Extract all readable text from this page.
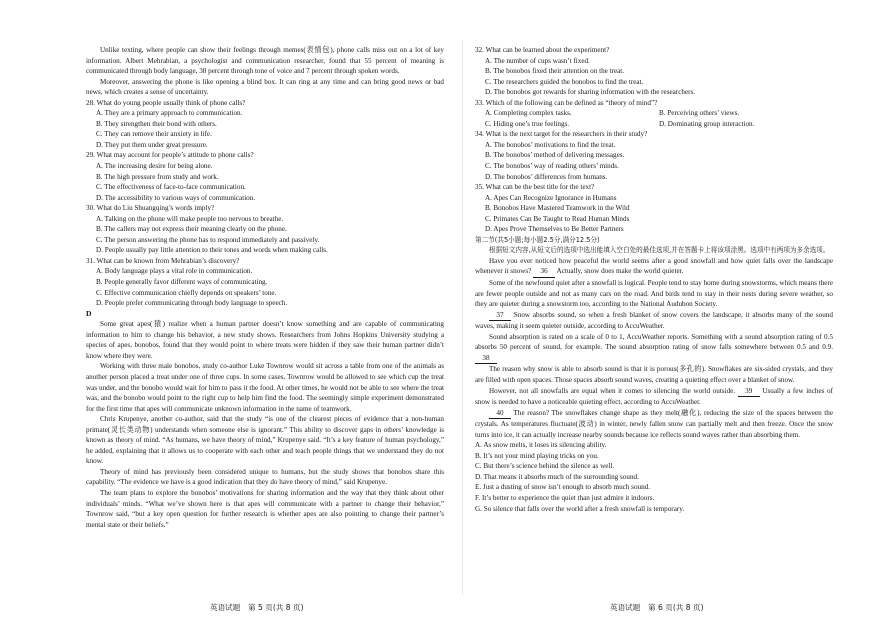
Unlike texting, where people can show their feelings through memes(表情包), phone calls miss out on a lot of key information. Albert Mehrabian, a psychologist and communication researcher, found that 55 percent of meaning is communicated through body language, 38 percent through tone of voice and 7 percent through spoken words.

Moreover, answering the phone is like opening a blind box. It can ring at any time and can bring good news or bad news, which creates a sense of uncertainty.

28. What do young people usually think of phone calls?

A. They are a primary approach to communication.

B. They strengthen their bond with others.

C. They can remove their anxiety in life.

D. They put them under great pressure.

29. What may account for people’s attitude to phone calls?

A. The increasing desire for being alone.

B. The high pressure from study and work.

C. The effectiveness of face-to-face communication.

D. The accessibility to various ways of communication.

30. What do Liu Shuangqing’s words imply?

A. Talking on the phone will make people too nervous to breathe.

B. The callers may not express their meaning clearly on the phone.

C. The person answering the phone has to respond immediately and passively.

D. People usually pay little attention to their tones and words when making calls.

31. What can be known from Mehrabian’s discovery?

A. Body language plays a vital role in communication.

B. People generally favor different ways of communicating.

C. Effective communication chiefly depends on speakers’ tone.

D. People prefer communicating through body language to speech.

D

Some great apes(猿) realize when a human partner doesn’t know something and are capable of communicating information to him to change his behavior, a new study shows. Researchers from Johns Hopkins University studying a species of apes, bonobos, found that they would point to where treats were hidden if they saw their human partner didn’t know where they were.

Working with three male bonobos, study co-author Luke Townrow would sit across a table from one of the animals as another person placed a treat under one of three cups. In some cases, Townrow would be allowed to see which cup the treat was under, and the bonobo would wait for him to pass it the food. At other times, he would not be able to see where the treat was, and the bonobo would point to the right cup to help him find the food. The seemingly simple experiment demonstrated for the first time that apes will communicate unknown information in the name of teamwork.

Chris Krupenye, another co-author, said that the study “is one of the clearest pieces of evidence that a non-human primate(灵长类动物) understands when someone else is ignorant.” This ability to discover gaps in others’ knowledge is known as theory of mind. “As humans, we have theory of mind,” Krupenye said. “It’s a key feature of human psychology,” he added, explaining that it allows us to cooperate with each other and teach people things that we understand they do not know.

Theory of mind has previously been considered unique to humans, but the study shows that bonobos share this capability. “The evidence we have is a good indication that they do have theory of mind,” said Krupenye.

The team plans to explore the bonobos’ motivations for sharing information and the way that they think about other individuals’ minds. “What we’ve shown here is that apes will communicate with a partner to change their behavior,” Townrow said, “but a key open question for further research is whether apes are also pointing to change their partner’s mental state or their beliefs.”

32. What can be learned about the experiment?

A. The number of cups wasn’t fixed.

B. The bonobos fixed their attention on the treat.

C. The researchers guided the bonobos to find the treat.

D. The bonobos got rewards for sharing information with the researchers.

33. Which of the following can be defined as “theory of mind”?

A. Completing complex tasks.	B. Perceiving others’ views.
C. Hiding one’s true feelings.	D. Dominating group interaction.

34. What is the next target for the researchers in their study?

A. The bonobos’ motivations to find the treat.

B. The bonobos’ method of delivering messages.

C. The bonobos’ way of reading others’ minds.

D. The bonobos’ differences from humans.

35. What can be the best title for the text?

A. Apes Can Recognize Ignorance in Humans

B. Bonobos Have Mastered Teamwork in the Wild

C. Primates Can Be Taught to Read Human Minds

D. Apes Prove Themselves to Be Better Partners

第二节(共5小题;每小题2.5分,满分12.5分)

根据短文内容,从短文后的选项中选出能填入空白处的最佳选项,并在答题卡上将该项涂黑。选项中有两项为多余选项。

Have you ever noticed how peaceful the world seems after a good snowfall and how quiet falls over the landscape whenever it snows? 36 Actually, snow does make the world quieter.

Some of the newfound quiet after a snowfall is logical. People tend to stay home during snowstorms, which means there are fewer people outside and not as many cars on the road. And birds tend to stay in their nests during severe weather, so they are quieter during a snowstorm too, according to the National Audubon Society.

37 Snow absorbs sound, so when a fresh blanket of snow covers the landscape, it absorbs many of the sound waves, making it seem quieter outside, according to AccuWeather.

Sound absorption is rated on a scale of 0 to 1, AccuWeather reports. Something with a sound absorption rating of 0.5 absorbs 50 percent of sound, for example. The sound absorption rating of snow falls somewhere between 0.5 and 0.9. 38

The reason why snow is able to absorb sound is that it is porous(多孔的). Snowflakes are six-sided crystals, and they are filled with open spaces. Those spaces absorb sound waves, creating a quieting effect over a blanket of snow.

However, not all snowfalls are equal when it comes to silencing the world outside. 39 Usually a few inches of snow is needed to have a noticeable quieting effect, according to AccuWeather.

40 The reason? The snowflakes change shape as they melt(融化), reducing the size of the spaces between the crystals. As temperatures fluctuate(波动) in winter, newly fallen snow can partially melt and then freeze. Once the snow turns into ice, it can actually increase nearby sounds because ice reflects sound waves rather than absorbing them.

A. As snow melts, it loses its silencing ability.

B. It’s not your mind playing tricks on you.

C. But there’s science behind the silence as well.

D. That means it absorbs much of the surrounding sound.

E. Just a dusting of snow isn’t enough to absorb much sound.

F. It’s better to experience the quiet than just admire it indoors.

G. So silence that falls over the world after a fresh snowfall is temporary.

英语试题　第 5 页(共 8 页)	英语试题　第 6 页(共 8 页)
